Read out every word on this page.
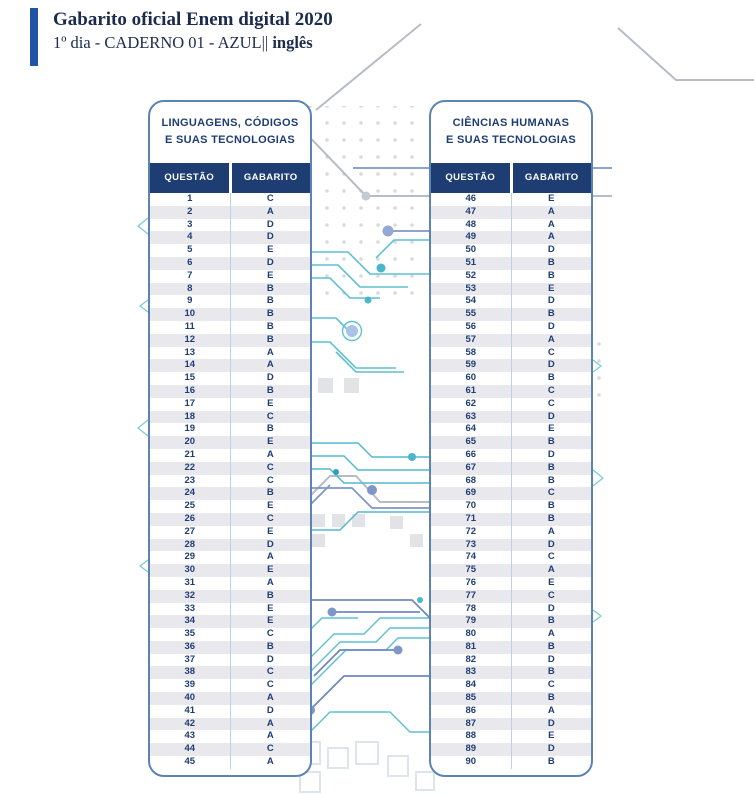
Gabarito oficial Enem digital 2020
1º dia - CADERNO 01 - AZUL|| inglês
LINGUAGENS, CÓDIGOS
E SUAS TECNOLOGIAS
QUESTÃO	GABARITO
1	C
2	A
3	D
4	D
5	E
6	D
7	E
8	B
9	B
10	B
11	B
12	B
13	A
14	A
15	D
16	B
17	E
18	C
19	B
20	E
21	A
22	C
23	C
24	B
25	E
26	C
27	E
28	D
29	A
30	E
31	A
32	B
33	E
34	E
35	C
36	B
37	D
38	C
39	C
40	A
41	D
42	A
43	A
44	C
45	A
CIÊNCIAS HUMANAS
E SUAS TECNOLOGIAS
QUESTÃO	GABARITO
46	E
47	A
48	A
49	A
50	D
51	B
52	B
53	E
54	D
55	B
56	D
57	A
58	C
59	D
60	B
61	C
62	C
63	D
64	E
65	B
66	D
67	B
68	B
69	C
70	B
71	B
72	A
73	D
74	C
75	A
76	E
77	C
78	D
79	B
80	A
81	B
82	D
83	B
84	C
85	B
86	A
87	D
88	E
89	D
90	B
